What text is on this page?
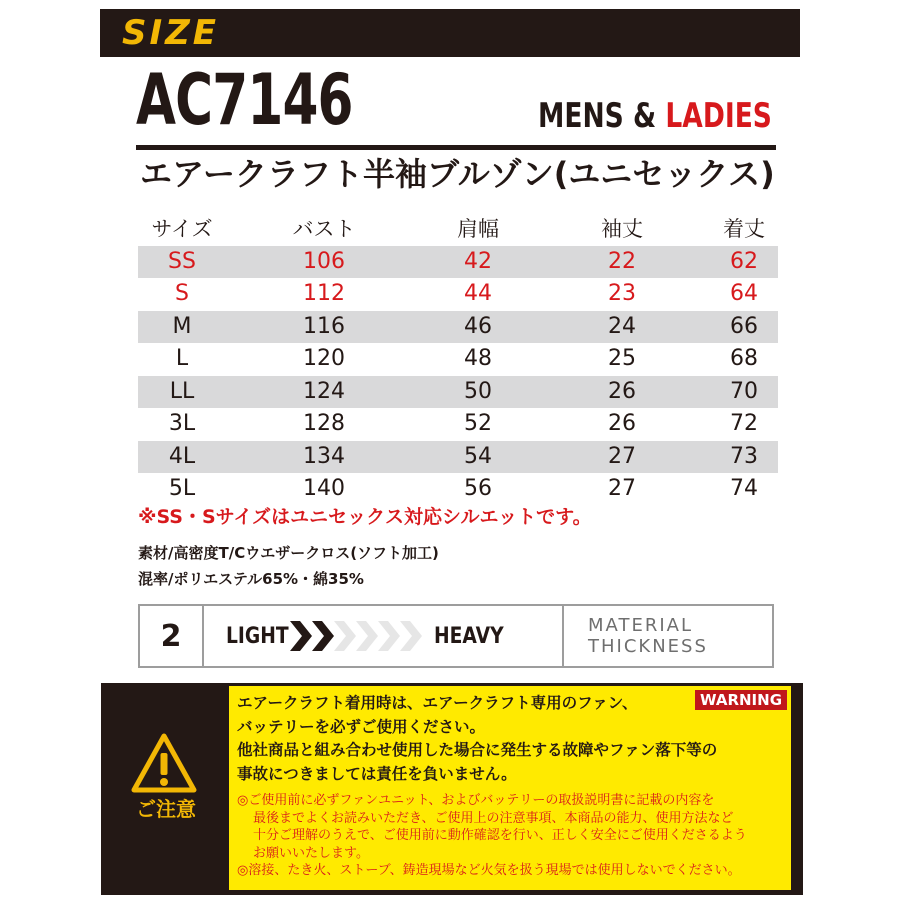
SIZE
AC7146	MENS & LADIES
エアークラフト半袖ブルゾン(ユニセックス)
サイズ	バスト	肩幅	袖丈	着丈
SS	106	42	22	62
S	112	44	23	64
M	116	46	24	66
L	120	48	25	68
LL	124	50	26	70
3L	128	52	26	72
4L	134	54	27	73
5L	140	56	27	74
※SS・Sサイズはユニセックス対応シルエットです。
素材/高密度T/Cウエザークロス(ソフト加工)
混率/ポリエステル65%・綿35%
2	LIGHT	HEAVY	MATERIAL
THICKNESS
ご注意
WARNING
エアークラフト着用時は、エアークラフト専用のファン、
バッテリーを必ずご使用ください。
他社商品と組み合わせ使用した場合に発生する故障やファン落下等の
事故につきましては責任を負いません。
◎ご使用前に必ずファンユニット、およびバッテリーの取扱説明書に記載の内容を
最後までよくお読みいただき、ご使用上の注意事項、本商品の能力、使用方法など
十分ご理解のうえで、ご使用前に動作確認を行い、正しく安全にご使用くださるよう
お願いいたします。
◎溶接、たき火、ストーブ、鋳造現場など火気を扱う現場では使用しないでください。
